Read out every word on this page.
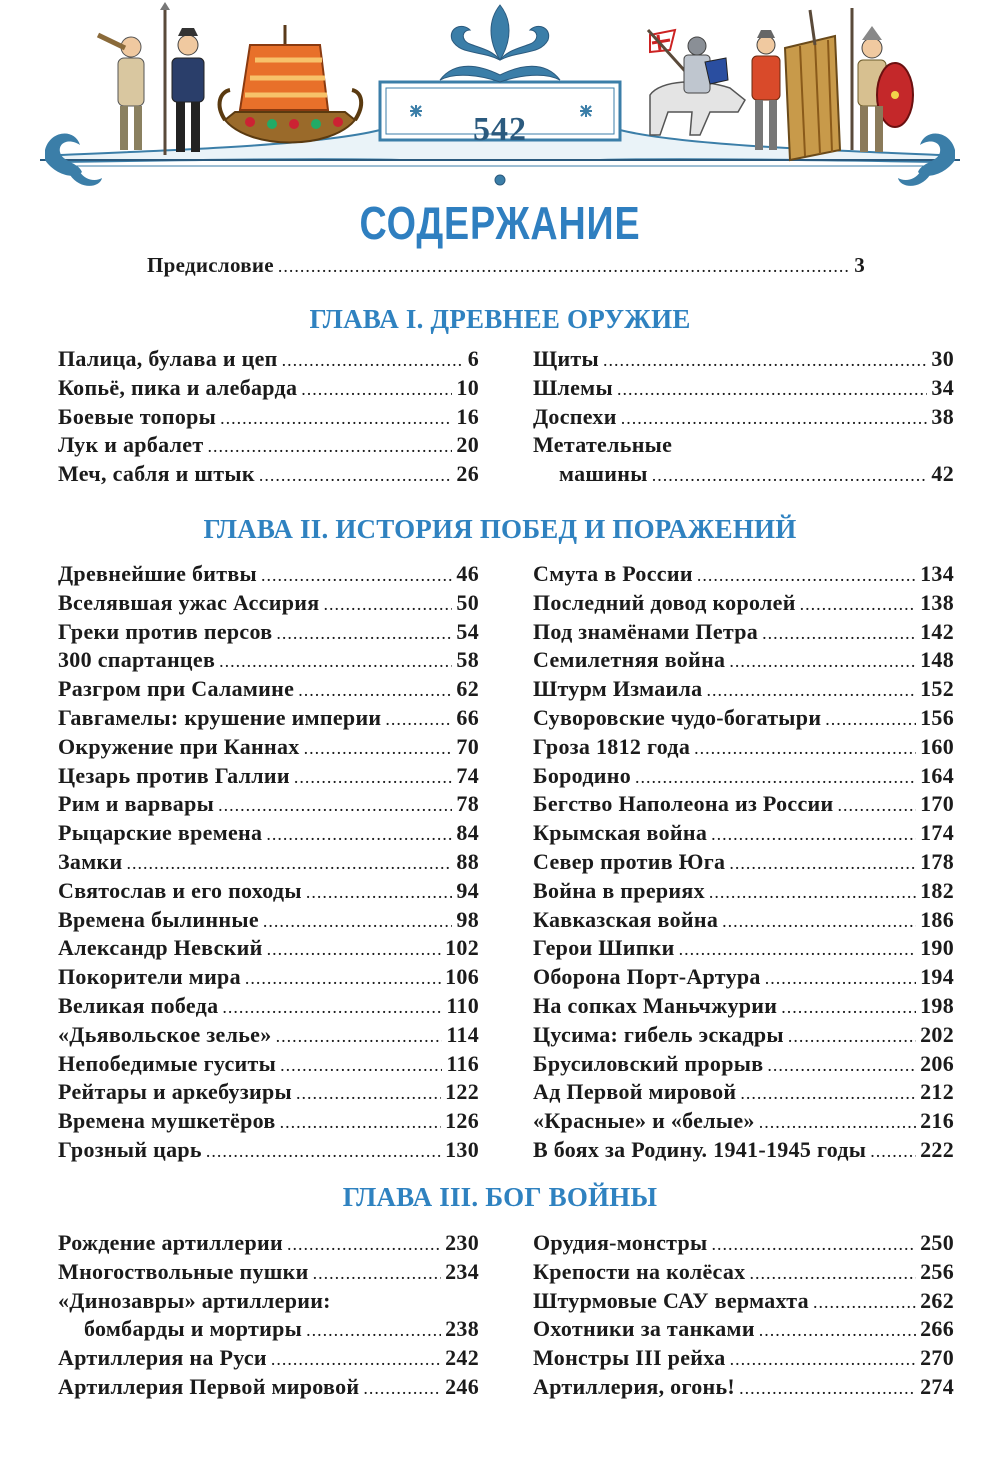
542
СОДЕРЖАНИЕ
Предисловие .....	3
ГЛАВА I. ДРЕВНЕЕ ОРУЖИЕ
Палица, булава и цеп .....	6
Копьё, пика и алебарда .....	10
Боевые топоры .....	16
Лук и арбалет .....	20
Меч, сабля и штык .....	26
Щиты .....	30
Шлемы .....	34
Доспехи .....	38
Метательные
машины .....	42
ГЛАВА II. ИСТОРИЯ ПОБЕД И ПОРАЖЕНИЙ
Древнейшие битвы .....	46
Вселявшая ужас Ассирия .....	50
Греки против персов .....	54
300 спартанцев .....	58
Разгром при Саламине .....	62
Гавгамелы: крушение империи .....	66
Окружение при Каннах .....	70
Цезарь против Галлии .....	74
Рим и варвары .....	78
Рыцарские времена .....	84
Замки .....	88
Святослав и его походы .....	94
Времена былинные .....	98
Александр Невский .....	102
Покорители мира .....	106
Великая победа .....	110
«Дьявольское зелье» .....	114
Непобедимые гуситы .....	116
Рейтары и аркебузиры .....	122
Времена мушкетёров .....	126
Грозный царь .....	130
Смута в России .....	134
Последний довод королей .....	138
Под знамёнами Петра .....	142
Семилетняя война .....	148
Штурм Измаила .....	152
Суворовские чудо-богатыри .....	156
Гроза 1812 года .....	160
Бородино .....	164
Бегство Наполеона из России .....	170
Крымская война .....	174
Север против Юга .....	178
Война в прериях .....	182
Кавказская война .....	186
Герои Шипки .....	190
Оборона Порт-Артура .....	194
На сопках Маньчжурии .....	198
Цусима: гибель эскадры .....	202
Брусиловский прорыв .....	206
Ад Первой мировой .....	212
«Красные» и «белые» .....	216
В боях за Родину. 1941-1945 годы ..... 222
ГЛАВА III. БОГ ВОЙНЫ
Рождение артиллерии .....	230
Многоствольные пушки .....	234
«Динозавры» артиллерии:
бомбарды и мортиры .....	238
Артиллерия на Руси .....	242
Артиллерия Первой мировой .....	246
Орудия-монстры .....	250
Крепости на колёсах .....	256
Штурмовые САУ вермахта .....	262
Охотники за танками .....	266
Монстры III рейха .....	270
Артиллерия, огонь! .....	274
